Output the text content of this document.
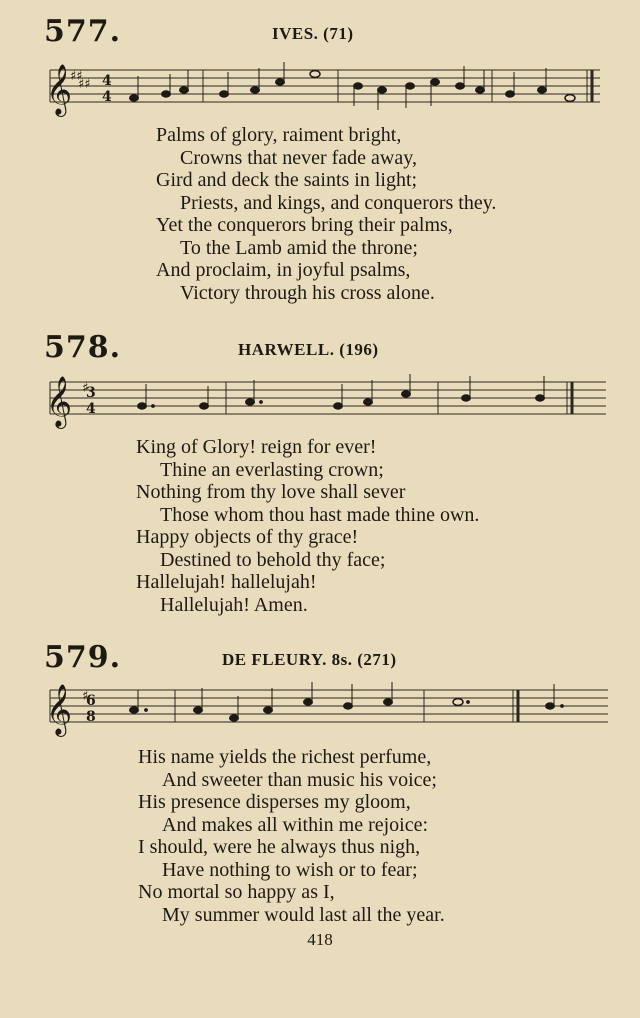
577.	IVES. (71)
𝄞
♯♯
♯♯ 4
4
Palms of glory, raiment bright,
Crowns that never fade away,
Gird and deck the saints in light;
Priests, and kings, and conquerors they.
Yet the conquerors bring their palms,
To the Lamb amid the throne;
And proclaim, in joyful psalms,
Victory through his cross alone.
578.	HARWELL. (196)
𝄞 ♯
3
4
King of Glory! reign for ever!
Thine an everlasting crown;
Nothing from thy love shall sever
Those whom thou hast made thine own.
Happy objects of thy grace!
Destined to behold thy face;
Hallelujah! hallelujah!
Hallelujah! Amen.
579.	DE FLEURY. 8s. (271)
𝄞 ♯
6
8
His name yields the richest perfume,
And sweeter than music his voice;
His presence disperses my gloom,
And makes all within me rejoice:
I should, were he always thus nigh,
Have nothing to wish or to fear;
No mortal so happy as I,
My summer would last all the year.
418
